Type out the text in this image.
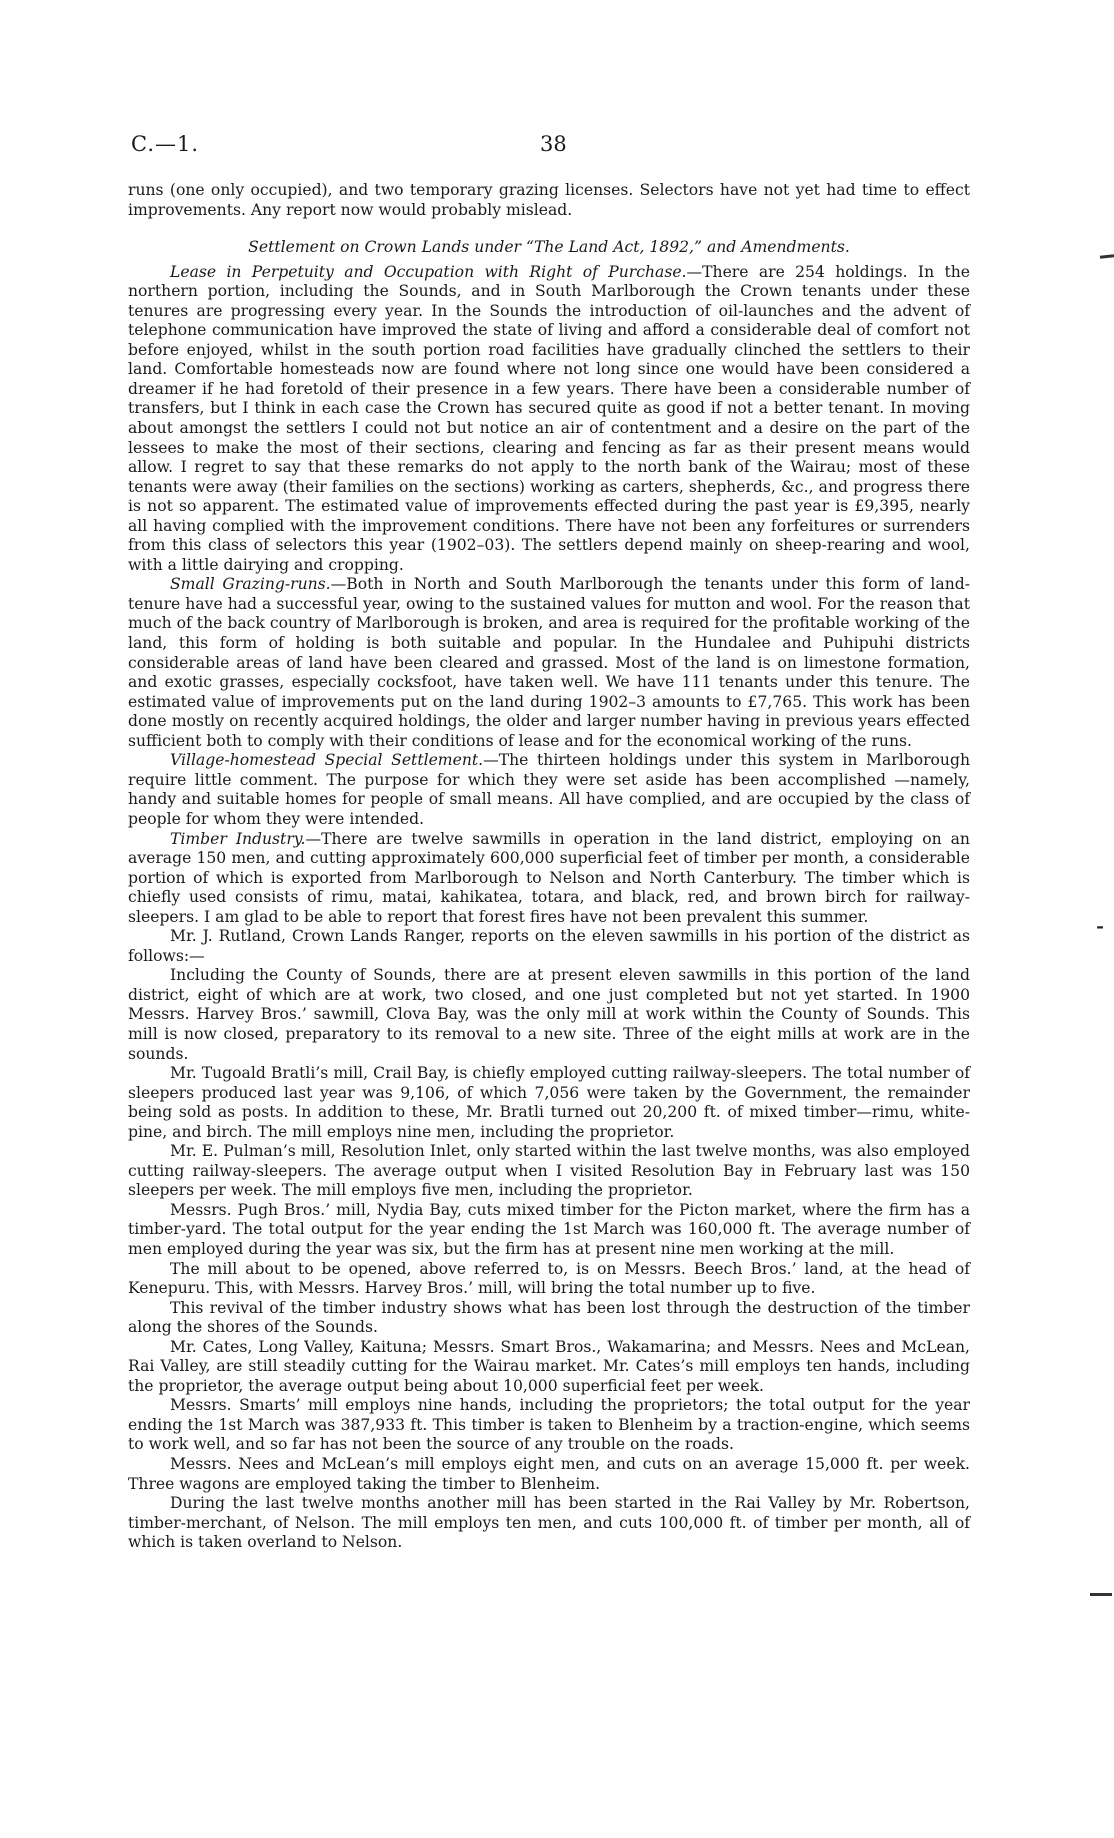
C.—1.	38

runs (one only occupied), and two temporary grazing licenses. Selectors have not yet had time to effect improvements. Any report now would probably mislead.

Settlement on Crown Lands under “The Land Act, 1892,” and Amendments.

Lease in Perpetuity and Occupation with Right of Purchase.—There are 254 holdings. In the northern portion, including the Sounds, and in South Marlborough the Crown tenants under these tenures are progressing every year. In the Sounds the introduction of oil-launches and the advent of telephone communication have improved the state of living and afford a considerable deal of comfort not before enjoyed, whilst in the south portion road facilities have gradually clinched the settlers to their land. Comfortable homesteads now are found where not long since one would have been considered a dreamer if he had foretold of their presence in a few years. There have been a considerable number of transfers, but I think in each case the Crown has secured quite as good if not a better tenant. In moving about amongst the settlers I could not but notice an air of contentment and a desire on the part of the lessees to make the most of their sections, clearing and fencing as far as their present means would allow. I regret to say that these remarks do not apply to the north bank of the Wairau; most of these tenants were away (their families on the sections) working as carters, shepherds, &c., and progress there is not so apparent. The estimated value of improvements effected during the past year is £9,395, nearly all having complied with the improvement conditions. There have not been any forfeitures or surrenders from this class of selectors this year (1902–03). The settlers depend mainly on sheep-rearing and wool, with a little dairying and cropping.

Small Grazing-runs.—Both in North and South Marlborough the tenants under this form of land-tenure have had a successful year, owing to the sustained values for mutton and wool. For the reason that much of the back country of Marlborough is broken, and area is required for the profitable working of the land, this form of holding is both suitable and popular. In the Hundalee and Puhipuhi districts considerable areas of land have been cleared and grassed. Most of the land is on limestone formation, and exotic grasses, especially cocksfoot, have taken well. We have 111 tenants under this tenure. The estimated value of improvements put on the land during 1902–3 amounts to £7,765. This work has been done mostly on recently acquired holdings, the older and larger number having in previous years effected sufficient both to comply with their conditions of lease and for the economical working of the runs.

Village-homestead Special Settlement.—The thirteen holdings under this system in Marlborough require little comment. The purpose for which they were set aside has been accomplished —namely, handy and suitable homes for people of small means. All have complied, and are occupied by the class of people for whom they were intended.

Timber Industry.—There are twelve sawmills in operation in the land district, employing on an average 150 men, and cutting approximately 600,000 superficial feet of timber per month, a considerable portion of which is exported from Marlborough to Nelson and North Canterbury. The timber which is chiefly used consists of rimu, matai, kahikatea, totara, and black, red, and brown birch for railway-sleepers. I am glad to be able to report that forest fires have not been prevalent this summer.

Mr. J. Rutland, Crown Lands Ranger, reports on the eleven sawmills in his portion of the district as follows:—

Including the County of Sounds, there are at present eleven sawmills in this portion of the land district, eight of which are at work, two closed, and one just completed but not yet started. In 1900 Messrs. Harvey Bros.’ sawmill, Clova Bay, was the only mill at work within the County of Sounds. This mill is now closed, preparatory to its removal to a new site. Three of the eight mills at work are in the sounds.

Mr. Tugoald Bratli’s mill, Crail Bay, is chiefly employed cutting railway-sleepers. The total number of sleepers produced last year was 9,106, of which 7,056 were taken by the Government, the remainder being sold as posts. In addition to these, Mr. Bratli turned out 20,200 ft. of mixed timber—rimu, white-pine, and birch. The mill employs nine men, including the proprietor.

Mr. E. Pulman’s mill, Resolution Inlet, only started within the last twelve months, was also employed cutting railway-sleepers. The average output when I visited Resolution Bay in February last was 150 sleepers per week. The mill employs five men, including the proprietor.

Messrs. Pugh Bros.’ mill, Nydia Bay, cuts mixed timber for the Picton market, where the firm has a timber-yard. The total output for the year ending the 1st March was 160,000 ft. The average number of men employed during the year was six, but the firm has at present nine men working at the mill.

The mill about to be opened, above referred to, is on Messrs. Beech Bros.’ land, at the head of Kenepuru. This, with Messrs. Harvey Bros.’ mill, will bring the total number up to five.

This revival of the timber industry shows what has been lost through the destruction of the timber along the shores of the Sounds.

Mr. Cates, Long Valley, Kaituna; Messrs. Smart Bros., Wakamarina; and Messrs. Nees and McLean, Rai Valley, are still steadily cutting for the Wairau market. Mr. Cates’s mill employs ten hands, including the proprietor, the average output being about 10,000 superficial feet per week.

Messrs. Smarts’ mill employs nine hands, including the proprietors; the total output for the year ending the 1st March was 387,933 ft. This timber is taken to Blenheim by a traction-engine, which seems to work well, and so far has not been the source of any trouble on the roads.

Messrs. Nees and McLean’s mill employs eight men, and cuts on an average 15,000 ft. per week. Three wagons are employed taking the timber to Blenheim.

During the last twelve months another mill has been started in the Rai Valley by Mr. Robertson, timber-merchant, of Nelson. The mill employs ten men, and cuts 100,000 ft. of timber per month, all of which is taken overland to Nelson.

⁃
